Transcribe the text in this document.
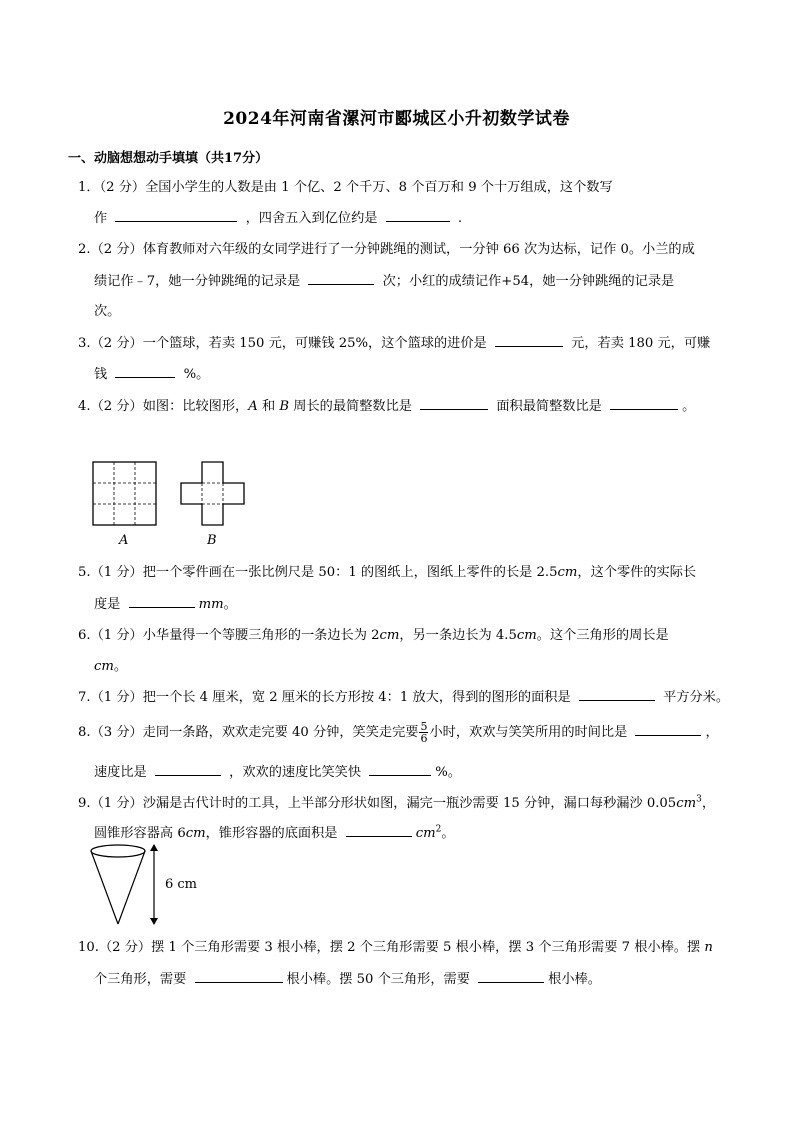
2024年河南省漯河市郾城区小升初数学试卷
一、动脑想想动手填填（共17分）
1．（2 分）全国小学生的人数是由 1 个亿、2 个千万、8 个百万和 9 个十万组成，这个数写
作	，四舍五入到亿位约是	.
2.（2 分）体育教师对六年级的女同学进行了一分钟跳绳的测试，一分钟 66 次为达标，记作 0。小兰的成
绩记作﹣7，她一分钟跳绳的记录是	次；小红的成绩记作+54，她一分钟跳绳的记录是
次。
3.（2 分）一个篮球，若卖 150 元，可赚钱 25%，这个篮球的进价是	元，若卖 180 元，可赚
钱	%。
4.（2 分）如图：比较图形，A 和 B 周长的最简整数比是	面积最简整数比是	。
A	B
5.（1 分）把一个零件画在一张比例尺是 50：1 的图纸上，图纸上零件的长是 2.5cm，这个零件的实际长
度是	mm。
6.（1 分）小华量得一个等腰三角形的一条边长为 2cm，另一条边长为 4.5cm。这个三角形的周长是
cm。
7.（1 分）把一个长 4 厘米，宽 2 厘米的长方形按 4：1 放大，得到的图形的面积是	平方分米。
8.（3 分）走同一条路，欢欢走完要 40 分钟，笑笑走完要 $\frac{5}{6}$ 小时，欢欢与笑笑所用的时间比是	，
速度比是	，欢欢的速度比笑笑快	%。
9.（1 分）沙漏是古代计时的工具，上半部分形状如图，漏完一瓶沙需要 15 分钟，漏口每秒漏沙 $0.05cm^3$，
圆锥形容器高 6cm，锥形容器的底面积是	$cm^2$。
6 cm
10.（2 分）摆 1 个三角形需要 3 根小棒，摆 2 个三角形需要 5 根小棒，摆 3 个三角形需要 7 根小棒。摆 n
个三角形，需要	根小棒。摆 50 个三角形，需要	根小棒。
